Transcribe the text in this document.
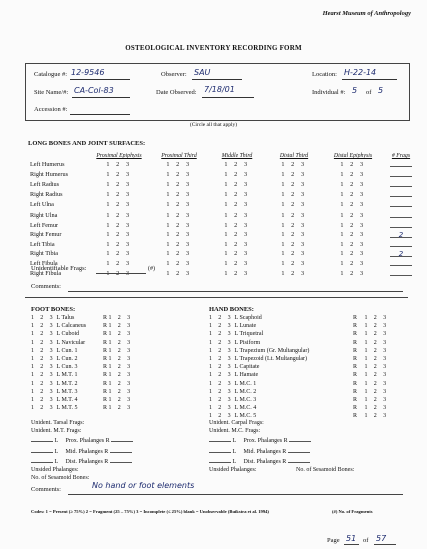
Hearst Museum of Anthropology
OSTEOLOGICAL INVENTORY RECORDING FORM
Catalogue #: 12-9546	Observer: SAU	Location: H-22-14
Site Name/#: CA-Col-83	Date Observed: 7/18/01	Individual #: 5 of 5
Accession #:
(Circle all that apply)
LONG BONES AND JOINT SURFACES:
	Proximal Epiphysis	Proximal Third	Middle Third	Distal Third	Distal Epiphysis	# Frags
Left Humerus	1 2 3	1 2 3	1 2 3	1 2 3	1 2 3	
Right Humerus	1 2 3	1 2 3	1 2 3	1 2 3	1 2 3	
Left Radius	1 2 3	1 2 3	1 2 3	1 2 3	1 2 3	
Right Radius	1 2 3	1 2 3	1 2 3	1 2 3	1 2 3	
Left Ulna	1 2 3	1 2 3	1 2 3	1 2 3	1 2 3	
Right Ulna	1 2 3	1 2 3	1 2 3	1 2 3	1 2 3	
Left Femur	1 2 3	1 2 3	1 2 3	1 2 3	1 2 3	
Right Femur	1 2 3	1 2 3	1 2 3	1 2 3	1 2 3	2
Left Tibia	1 2 3	1 2 3	1 2 3	1 2 3	1 2 3	
Right Tibia	1 2 3	1 2 3	1 2 3	1 2 3	1 2 3	2
Left Fibula	1 2 3	1 2 3	1 2 3	1 2 3	1 2 3	
Right Fibula	1 2 3	1 2 3	1 2 3	1 2 3	1 2 3	
Unidentifiable Frags:	(#)
Comments:
FOOT BONES:
1 2 3 L Talus	R 1 2 3
1 2 3 L Calcaneus	R 1 2 3
1 2 3 L Cuboid	R 1 2 3
1 2 3 L Navicular	R 1 2 3
1 2 3 L Cun. 1	R 1 2 3
1 2 3 L Cun. 2	R 1 2 3
1 2 3 L Cun. 3	R 1 2 3
1 2 3 L M.T. 1	R 1 2 3
1 2 3 L M.T. 2	R 1 2 3
1 2 3 L M.T. 3	R 1 2 3
1 2 3 L M.T. 4	R 1 2 3
1 2 3 L M.T. 5	R 1 2 3
HAND BONES:
1 2 3 L Scaphoid	R 1 2 3
1 2 3 L Lunate	R 1 2 3
1 2 3 L Triquetral	R 1 2 3
1 2 3 L Pisiform	R 1 2 3
1 2 3 L Trapezium (Gr. Multangular)	R 1 2 3
1 2 3 L Trapezoid (Lt. Multangular)	R 1 2 3
1 2 3 L Capitate	R 1 2 3
1 2 3 L Hamate	R 1 2 3
1 2 3 L M.C. 1	R 1 2 3
1 2 3 L M.C. 2	R 1 2 3
1 2 3 L M.C. 3	R 1 2 3
1 2 3 L M.C. 4	R 1 2 3
1 2 3 L M.C. 5	R 1 2 3
Unident. Tarsal Frags:
Unident. M.T. Frags:
L Prox. Phalanges R
L Mid. Phalanges R
L Dist. Phalanges R
Unsided Phalanges:
No. of Sesamoid Bones:
Unident. Carpal Frags:
Unident. M.C. Frags:
L Prox. Phalanges R
L Mid. Phalanges R
L Dist. Phalanges R
Unsided Phalanges:	No. of Sesamoid Bones:
Comments:	No hand or foot elements
Codes: 1 = Present (≥ 75%) 2 = Fragment (25 – 75%) 3 = Incomplete (≤ 25%) blank = Unobservable (Buikstra et al. 1994)	(#) No. of Fragments
Page 51 of 57
